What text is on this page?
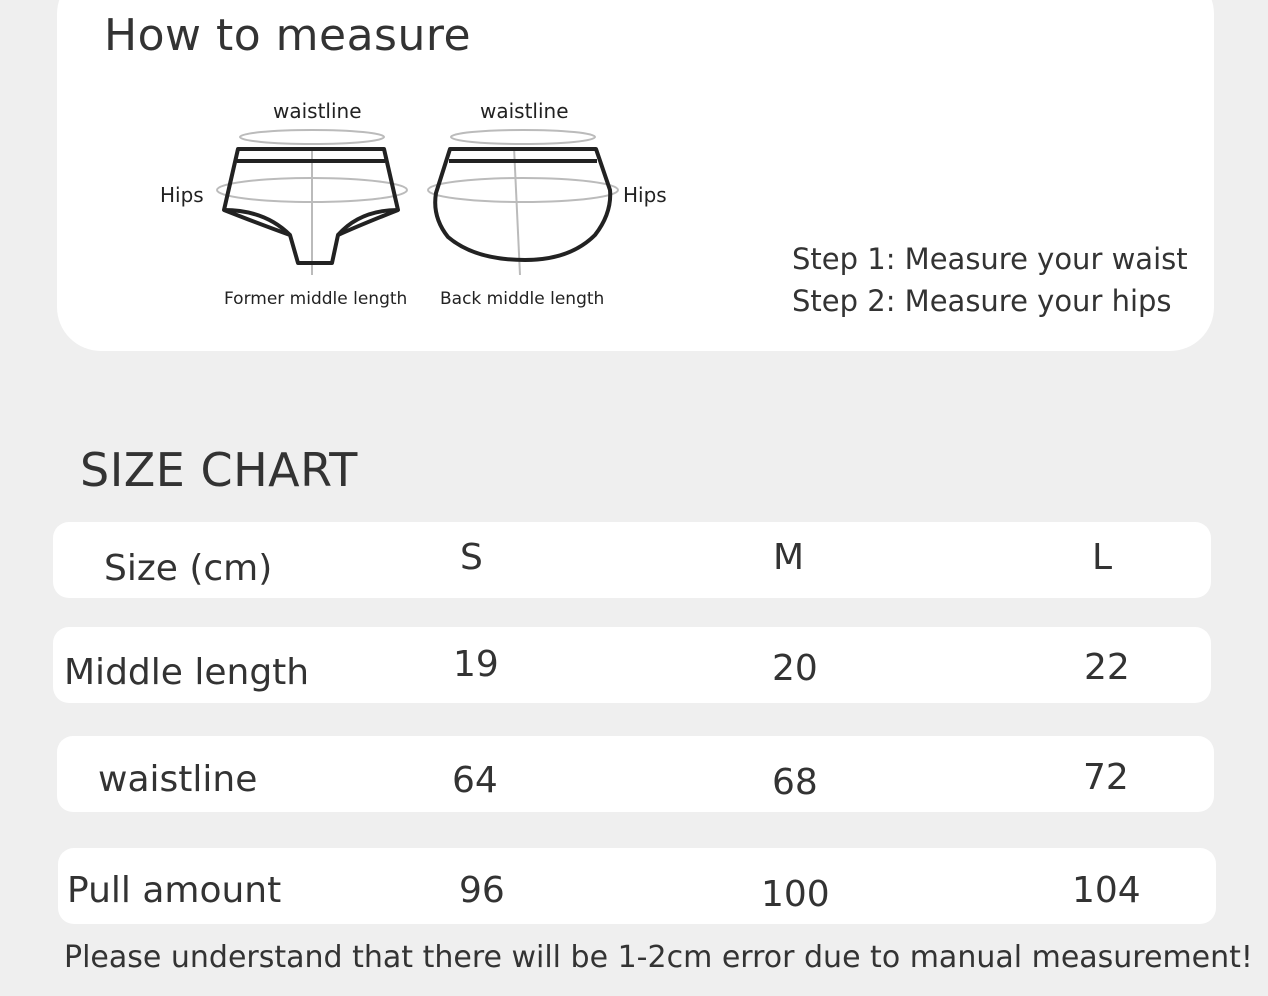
How to measure
waistline
Hips
Former middle length
waistline
Hips
Back middle length
Step 1: Measure your waist
Step 2: Measure your hips
SIZE CHART
Size (cm)	S	M	L
Middle length	19	20	22
waistline	64	68	72
Pull amount	96	100	104
Please understand that there will be 1-2cm error due to manual measurement!
